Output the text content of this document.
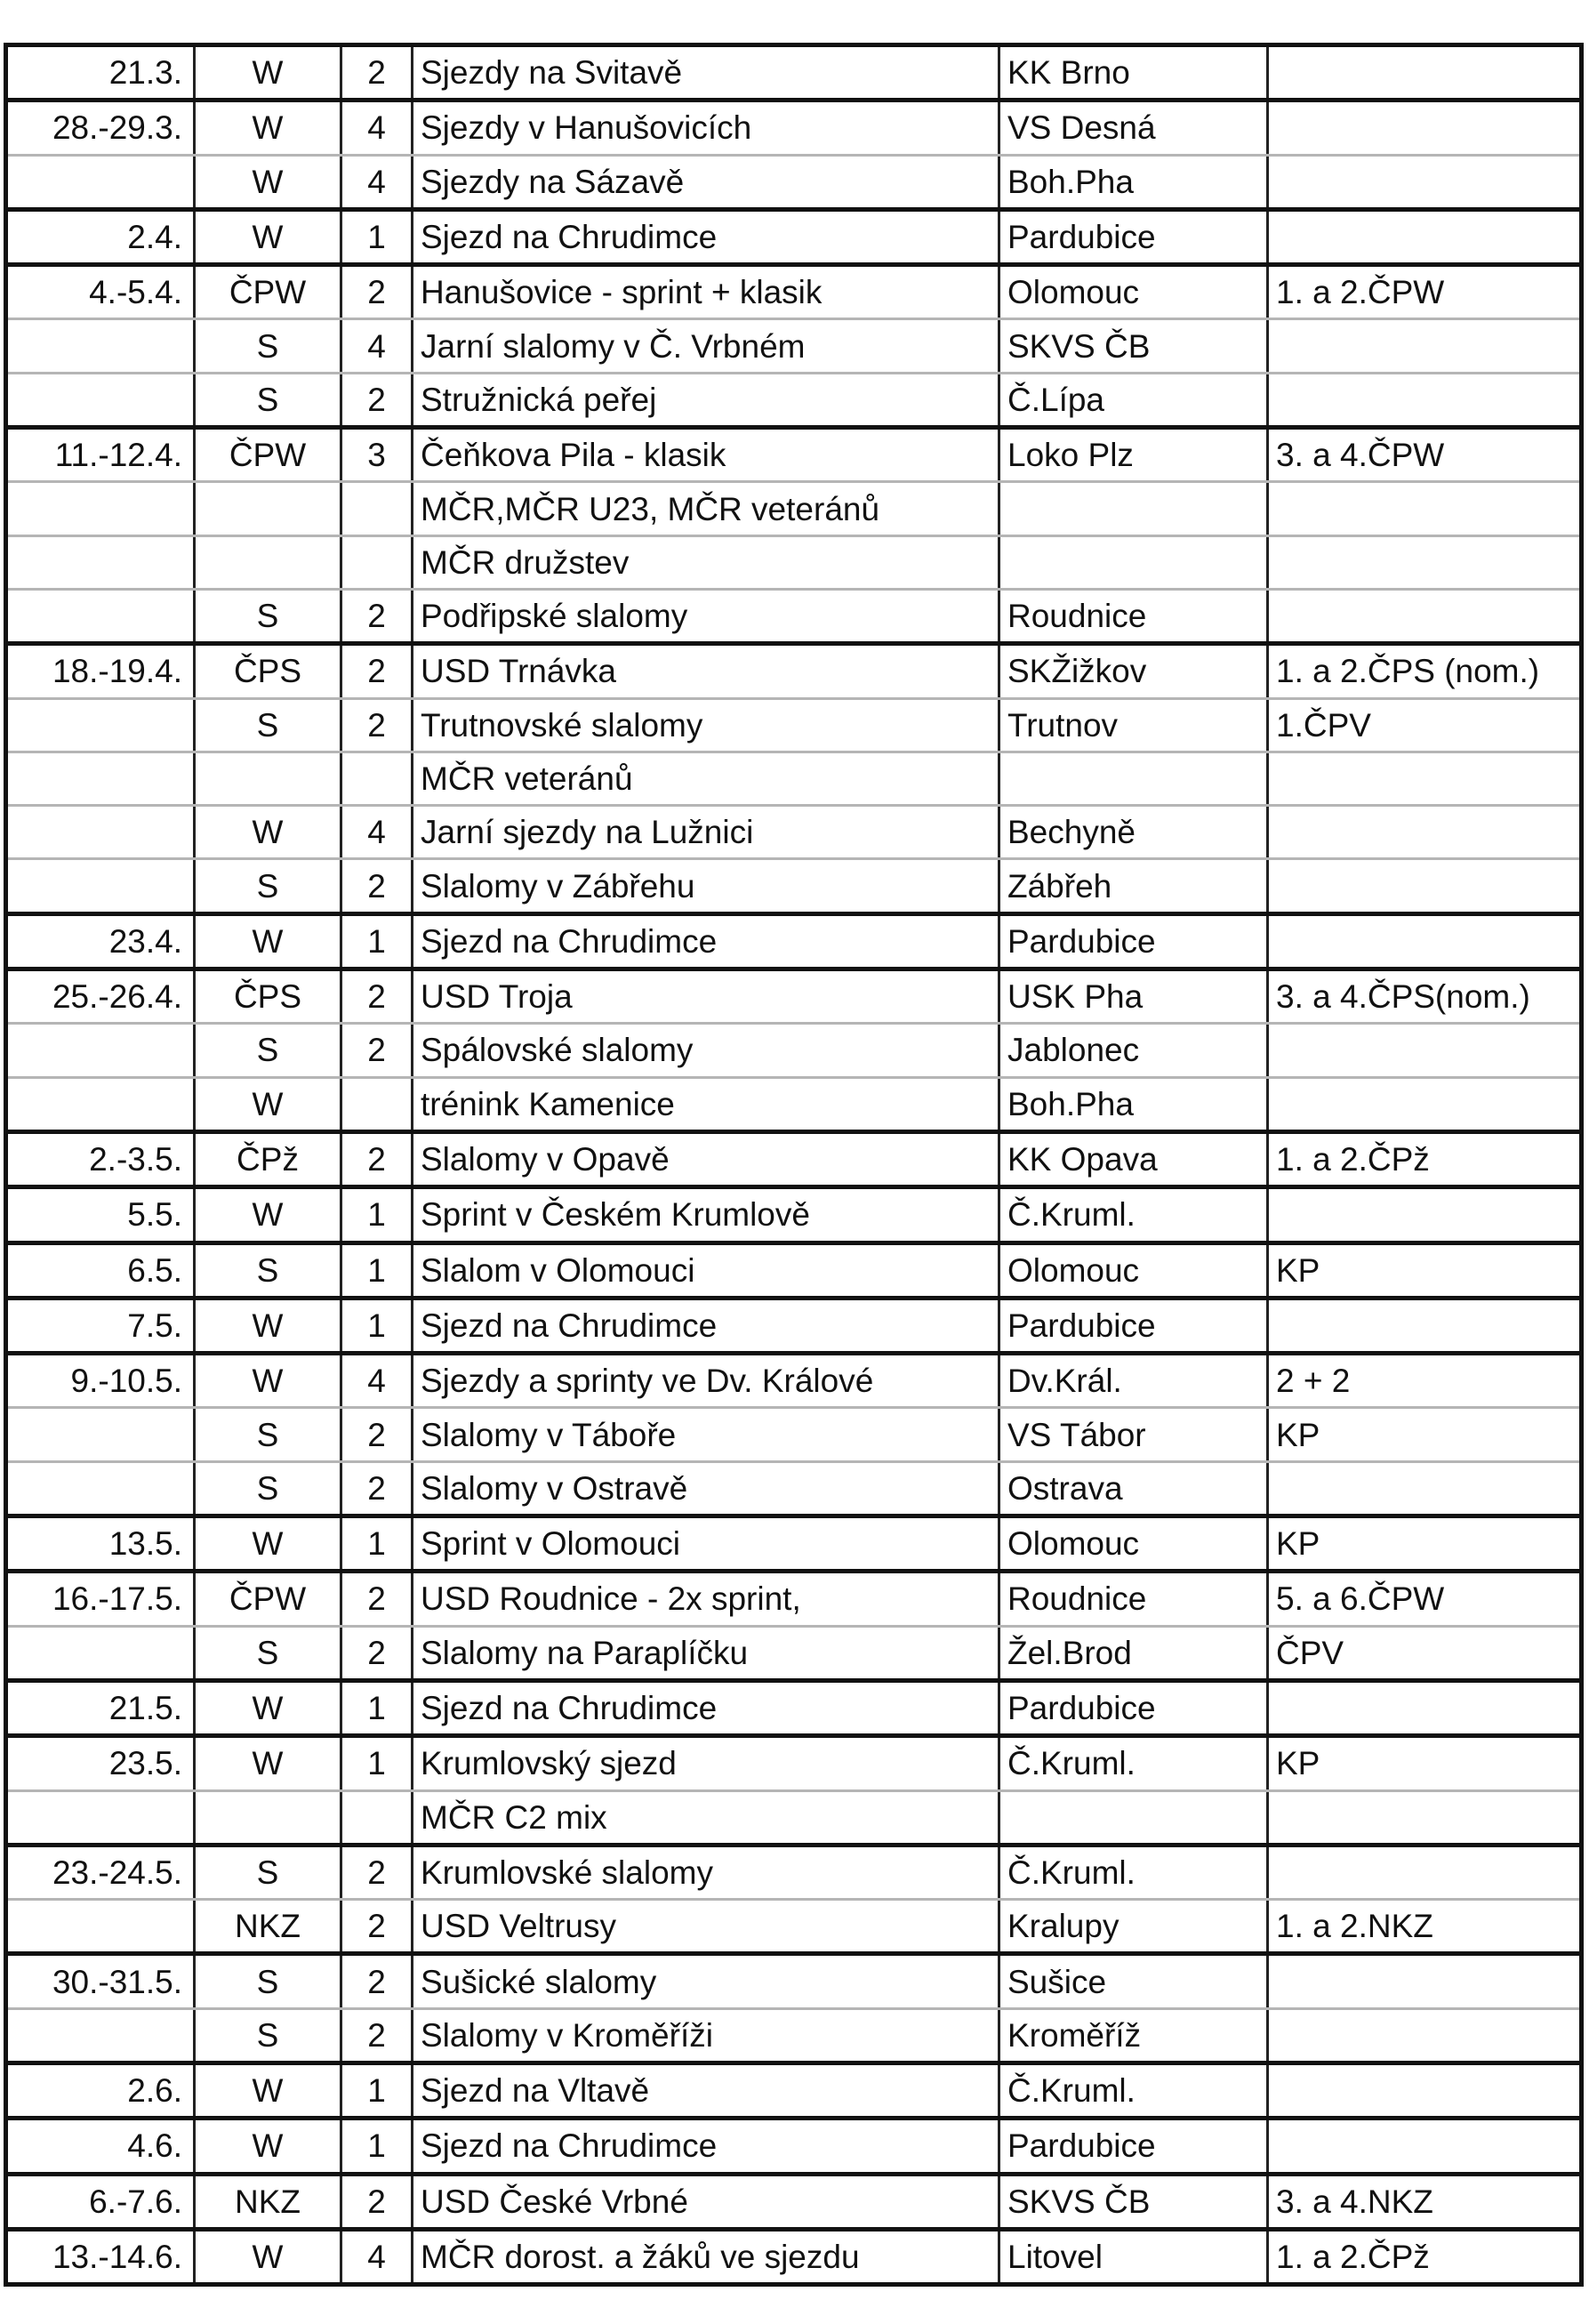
21.3.	W	2	Sjezdy na Svitavě	KK Brno	
28.-29.3.	W	4	Sjezdy v Hanušovicích	VS Desná	
	W	4	Sjezdy na Sázavě	Boh.Pha	
2.4.	W	1	Sjezd na Chrudimce	Pardubice	
4.-5.4.	ČPW	2	Hanušovice - sprint + klasik	Olomouc	1. a 2.ČPW
	S	4	Jarní slalomy v Č. Vrbném	SKVS ČB	
	S	2	Stružnická peřej	Č.Lípa	
11.-12.4.	ČPW	3	Čeňkova Pila - klasik	Loko Plz	3. a 4.ČPW
			MČR,MČR U23, MČR veteránů		
			MČR družstev		
	S	2	Podřipské slalomy	Roudnice	
18.-19.4.	ČPS	2	USD Trnávka	SKŽižkov	1. a 2.ČPS (nom.)
	S	2	Trutnovské slalomy	Trutnov	1.ČPV
			MČR veteránů		
	W	4	Jarní sjezdy na Lužnici	Bechyně	
	S	2	Slalomy v Zábřehu	Zábřeh	
23.4.	W	1	Sjezd na Chrudimce	Pardubice	
25.-26.4.	ČPS	2	USD Troja	USK Pha	3. a 4.ČPS(nom.)
	S	2	Spálovské slalomy	Jablonec	
	W		trénink Kamenice	Boh.Pha	
2.-3.5.	ČPž	2	Slalomy v Opavě	KK Opava	1. a 2.ČPž
5.5.	W	1	Sprint v Českém Krumlově	Č.Kruml.	
6.5.	S	1	Slalom v Olomouci	Olomouc	KP
7.5.	W	1	Sjezd na Chrudimce	Pardubice	
9.-10.5.	W	4	Sjezdy a sprinty ve Dv. Králové	Dv.Král.	2 + 2
	S	2	Slalomy v Táboře	VS Tábor	KP
	S	2	Slalomy v Ostravě	Ostrava	
13.5.	W	1	Sprint v Olomouci	Olomouc	KP
16.-17.5.	ČPW	2	USD Roudnice - 2x sprint,	Roudnice	5. a 6.ČPW
	S	2	Slalomy na Paraplíčku	Žel.Brod	ČPV
21.5.	W	1	Sjezd na Chrudimce	Pardubice	
23.5.	W	1	Krumlovský sjezd	Č.Kruml.	KP
			MČR C2 mix		
23.-24.5.	S	2	Krumlovské slalomy	Č.Kruml.	
	NKZ	2	USD Veltrusy	Kralupy	1. a 2.NKZ
30.-31.5.	S	2	Sušické slalomy	Sušice	
	S	2	Slalomy v Kroměříži	Kroměříž	
2.6.	W	1	Sjezd na Vltavě	Č.Kruml.	
4.6.	W	1	Sjezd na Chrudimce	Pardubice	
6.-7.6.	NKZ	2	USD České Vrbné	SKVS ČB	3. a 4.NKZ
13.-14.6.	W	4	MČR dorost. a žáků ve sjezdu	Litovel	1. a 2.ČPž
